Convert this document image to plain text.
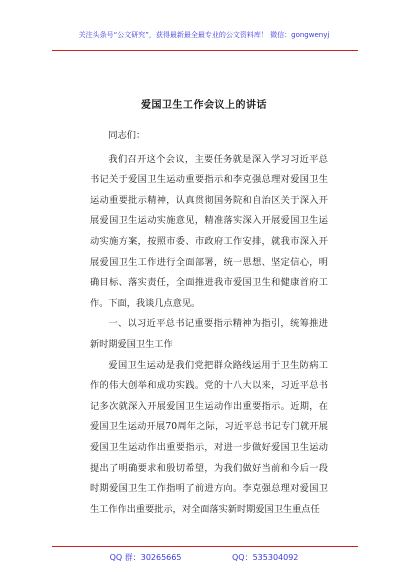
关注头条号“公文研究”，获得最新最全最专业的公文资料库！ 微信：gongwenyj
爱国卫生工作会议上的讲话

同志们：

我们召开这个会议，主要任务就是深入学习习近平总书记关于爱国卫生运动重要指示和李克强总理对爱国卫生运动重要批示精神，认真贯彻国务院和自治区关于深入开展爱国卫生运动实施意见，精准落实深入开展爱国卫生运动实施方案，按照市委、市政府工作安排，就我市深入开展爱国卫生工作进行全面部署，统一思想、坚定信心，明确目标、落实责任，全面推进我市爱国卫生和健康首府工作。下面，我谈几点意见。

一、以习近平总书记重要指示精神为指引，统筹推进新时期爱国卫生工作

爱国卫生运动是我们党把群众路线运用于卫生防病工作的伟大创举和成功实践。党的十八大以来，习近平总书记多次就深入开展爱国卫生运动作出重要指示。近期，在爱国卫生运动开展70周年之际，习近平总书记专门就开展爱国卫生运动作出重要指示，对进一步做好爱国卫生运动提出了明确要求和殷切希望，为我们做好当前和今后一段时期爱国卫生工作指明了前进方向。李克强总理对爱国卫生工作作出重要批示，对全面落实新时期爱国卫生重点任

QQ 群：30265665	QQ：535304092
